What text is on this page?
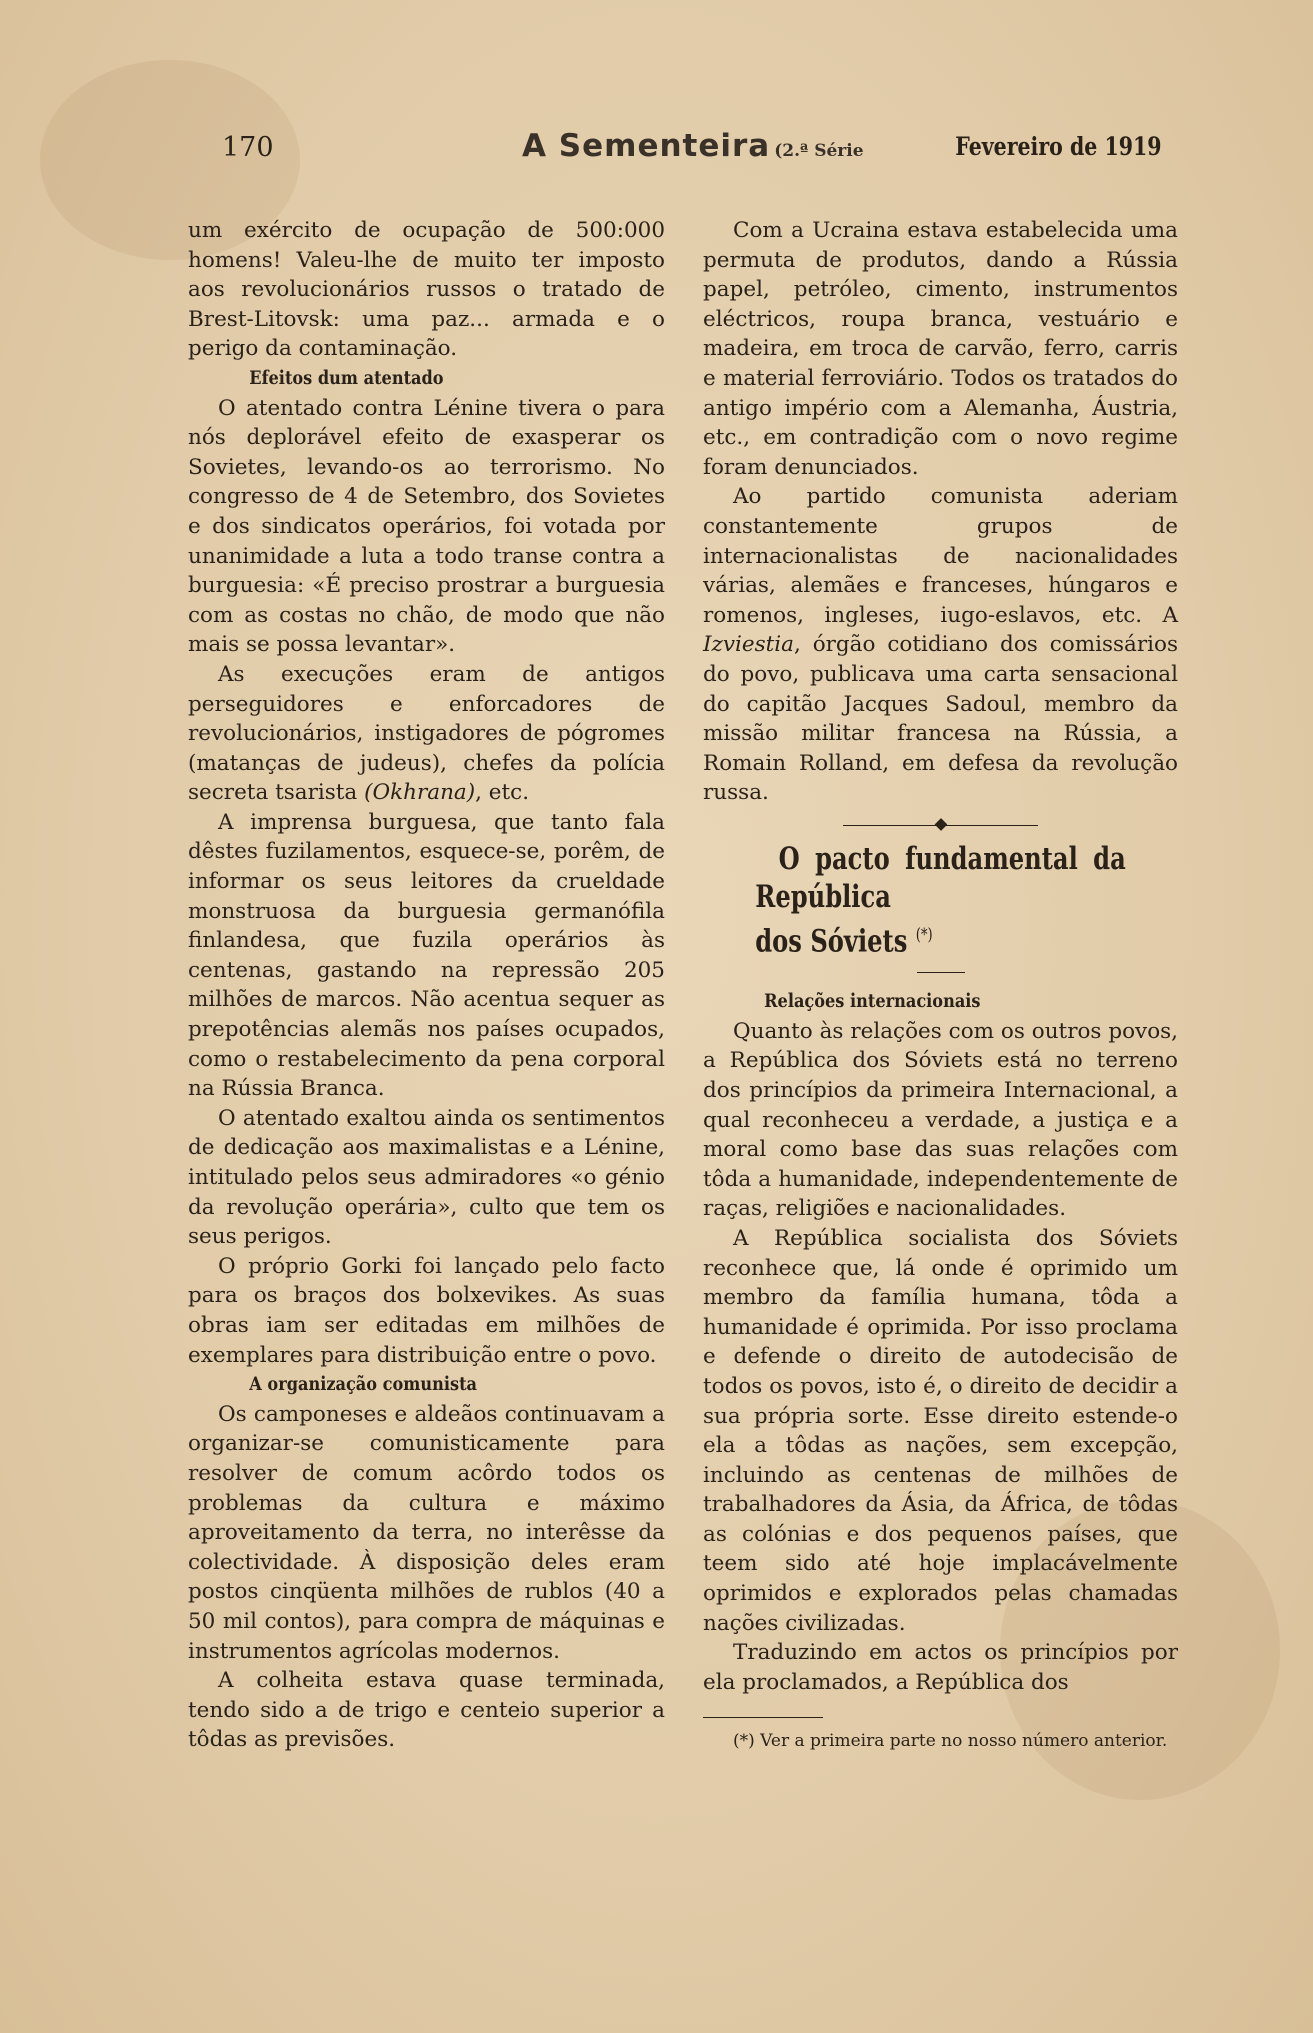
170	A Sementeira (2.ª Série	Fevereiro de 1919

um exército de ocupação de 500:000 homens! Valeu-lhe de muito ter imposto aos revolucionários russos o tratado de Brest-Litovsk: uma paz... armada e o perigo da contaminação.

Efeitos dum atentado

O atentado contra Lénine tivera o para nós deplorável efeito de exasperar os Sovietes, levando-os ao terrorismo. No congresso de 4 de Setembro, dos Sovietes e dos sindicatos operários, foi votada por unanimidade a luta a todo transe contra a burguesia: «É preciso prostrar a burguesia com as costas no chão, de modo que não mais se possa levantar».

As execuções eram de antigos perseguidores e enforcadores de revolucionários, instigadores de pógromes (matanças de judeus), chefes da polícia secreta tsarista (Okhrana), etc.

A imprensa burguesa, que tanto fala dêstes fuzilamentos, esquece-se, porêm, de informar os seus leitores da crueldade monstruosa da burguesia germanófila finlandesa, que fuzila operários às centenas, gastando na repressão 205 milhões de marcos. Não acentua sequer as prepotências alemãs nos países ocupados, como o restabelecimento da pena corporal na Rússia Branca.

O atentado exaltou ainda os sentimentos de dedicação aos maximalistas e a Lénine, intitulado pelos seus admiradores «o génio da revolução operária», culto que tem os seus perigos.

O próprio Gorki foi lançado pelo facto para os braços dos bolxevikes. As suas obras iam ser editadas em milhões de exemplares para distribuição entre o povo.

A organização comunista

Os camponeses e aldeãos continuavam a organizar-se comunisticamente para resolver de comum acôrdo todos os problemas da cultura e máximo aproveitamento da terra, no interêsse da colectividade. À disposição deles eram postos cinqüenta milhões de rublos (40 a 50 mil contos), para compra de máquinas e instrumentos agrícolas modernos.

A colheita estava quase terminada, tendo sido a de trigo e centeio superior a tôdas as previsões.

Com a Ucraina estava estabelecida uma permuta de produtos, dando a Rússia papel, petróleo, cimento, instrumentos eléctricos, roupa branca, vestuário e madeira, em troca de carvão, ferro, carris e material ferroviário. Todos os tratados do antigo império com a Alemanha, Áustria, etc., em contradição com o novo regime foram denunciados.

Ao partido comunista aderiam constantemente grupos de internacionalistas de nacionalidades várias, alemães e franceses, húngaros e romenos, ingleses, iugo-eslavos, etc. A Izviestia, órgão cotidiano dos comissários do povo, publicava uma carta sensacional do capitão Jacques Sadoul, membro da missão militar francesa na Rússia, a Romain Rolland, em defesa da revolução russa.

O pacto fundamental da República
dos Sóviets (*)

Relações internacionais

Quanto às relações com os outros povos, a República dos Sóviets está no terreno dos princípios da primeira Internacional, a qual reconheceu a verdade, a justiça e a moral como base das suas relações com tôda a humanidade, independentemente de raças, religiões e nacionalidades.

A República socialista dos Sóviets reconhece que, lá onde é oprimido um membro da família humana, tôda a humanidade é oprimida. Por isso proclama e defende o direito de autodecisão de todos os povos, isto é, o direito de decidir a sua própria sorte. Esse direito estende-o ela a tôdas as nações, sem excepção, incluindo as centenas de milhões de trabalhadores da Ásia, da África, de tôdas as colónias e dos pequenos países, que teem sido até hoje implacávelmente oprimidos e explorados pelas chamadas nações civilizadas.

Traduzindo em actos os princípios por ela proclamados, a República dos

(*) Ver a primeira parte no nosso número anterior.
